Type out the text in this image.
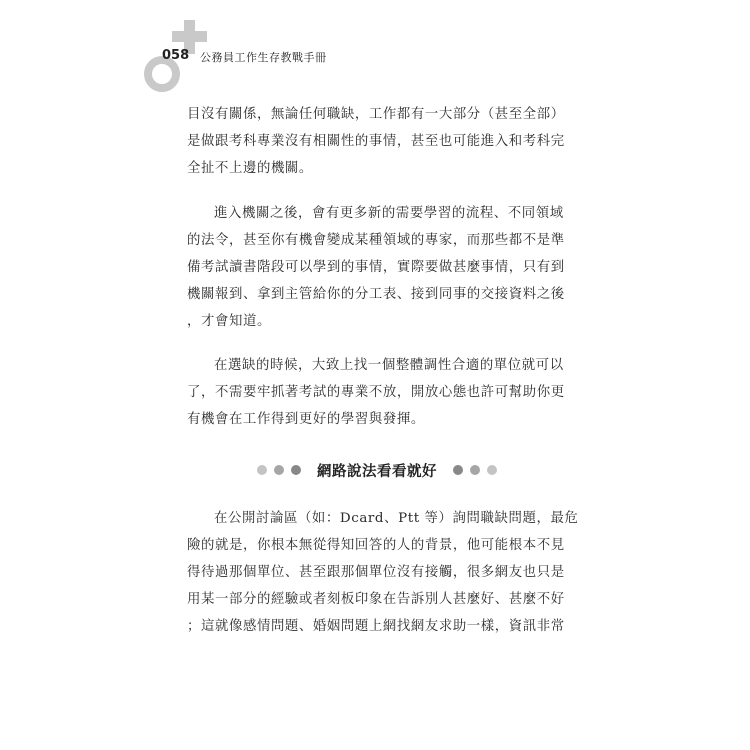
058 公務員工作生存教戰手冊

目沒有關係，無論任何職缺，工作都有一大部分（甚至全部）
是做跟考科專業沒有相關性的事情，甚至也可能進入和考科完
全扯不上邊的機關。

進入機關之後，會有更多新的需要學習的流程、不同領域
的法令，甚至你有機會變成某種領域的專家，而那些都不是準
備考試讀書階段可以學到的事情，實際要做甚麼事情，只有到
機關報到、拿到主管給你的分工表、接到同事的交接資料之後
，才會知道。

在選缺的時候，大致上找一個整體調性合適的單位就可以
了，不需要牢抓著考試的專業不放，開放心態也許可幫助你更
有機會在工作得到更好的學習與發揮。

網路說法看看就好

在公開討論區（如：Dcard、Ptt 等）詢問職缺問題，最危
險的就是，你根本無從得知回答的人的背景，他可能根本不見
得待過那個單位、甚至跟那個單位沒有接觸，很多網友也只是
用某一部分的經驗或者刻板印象在告訴別人甚麼好、甚麼不好
；這就像感情問題、婚姻問題上網找網友求助一樣，資訊非常
